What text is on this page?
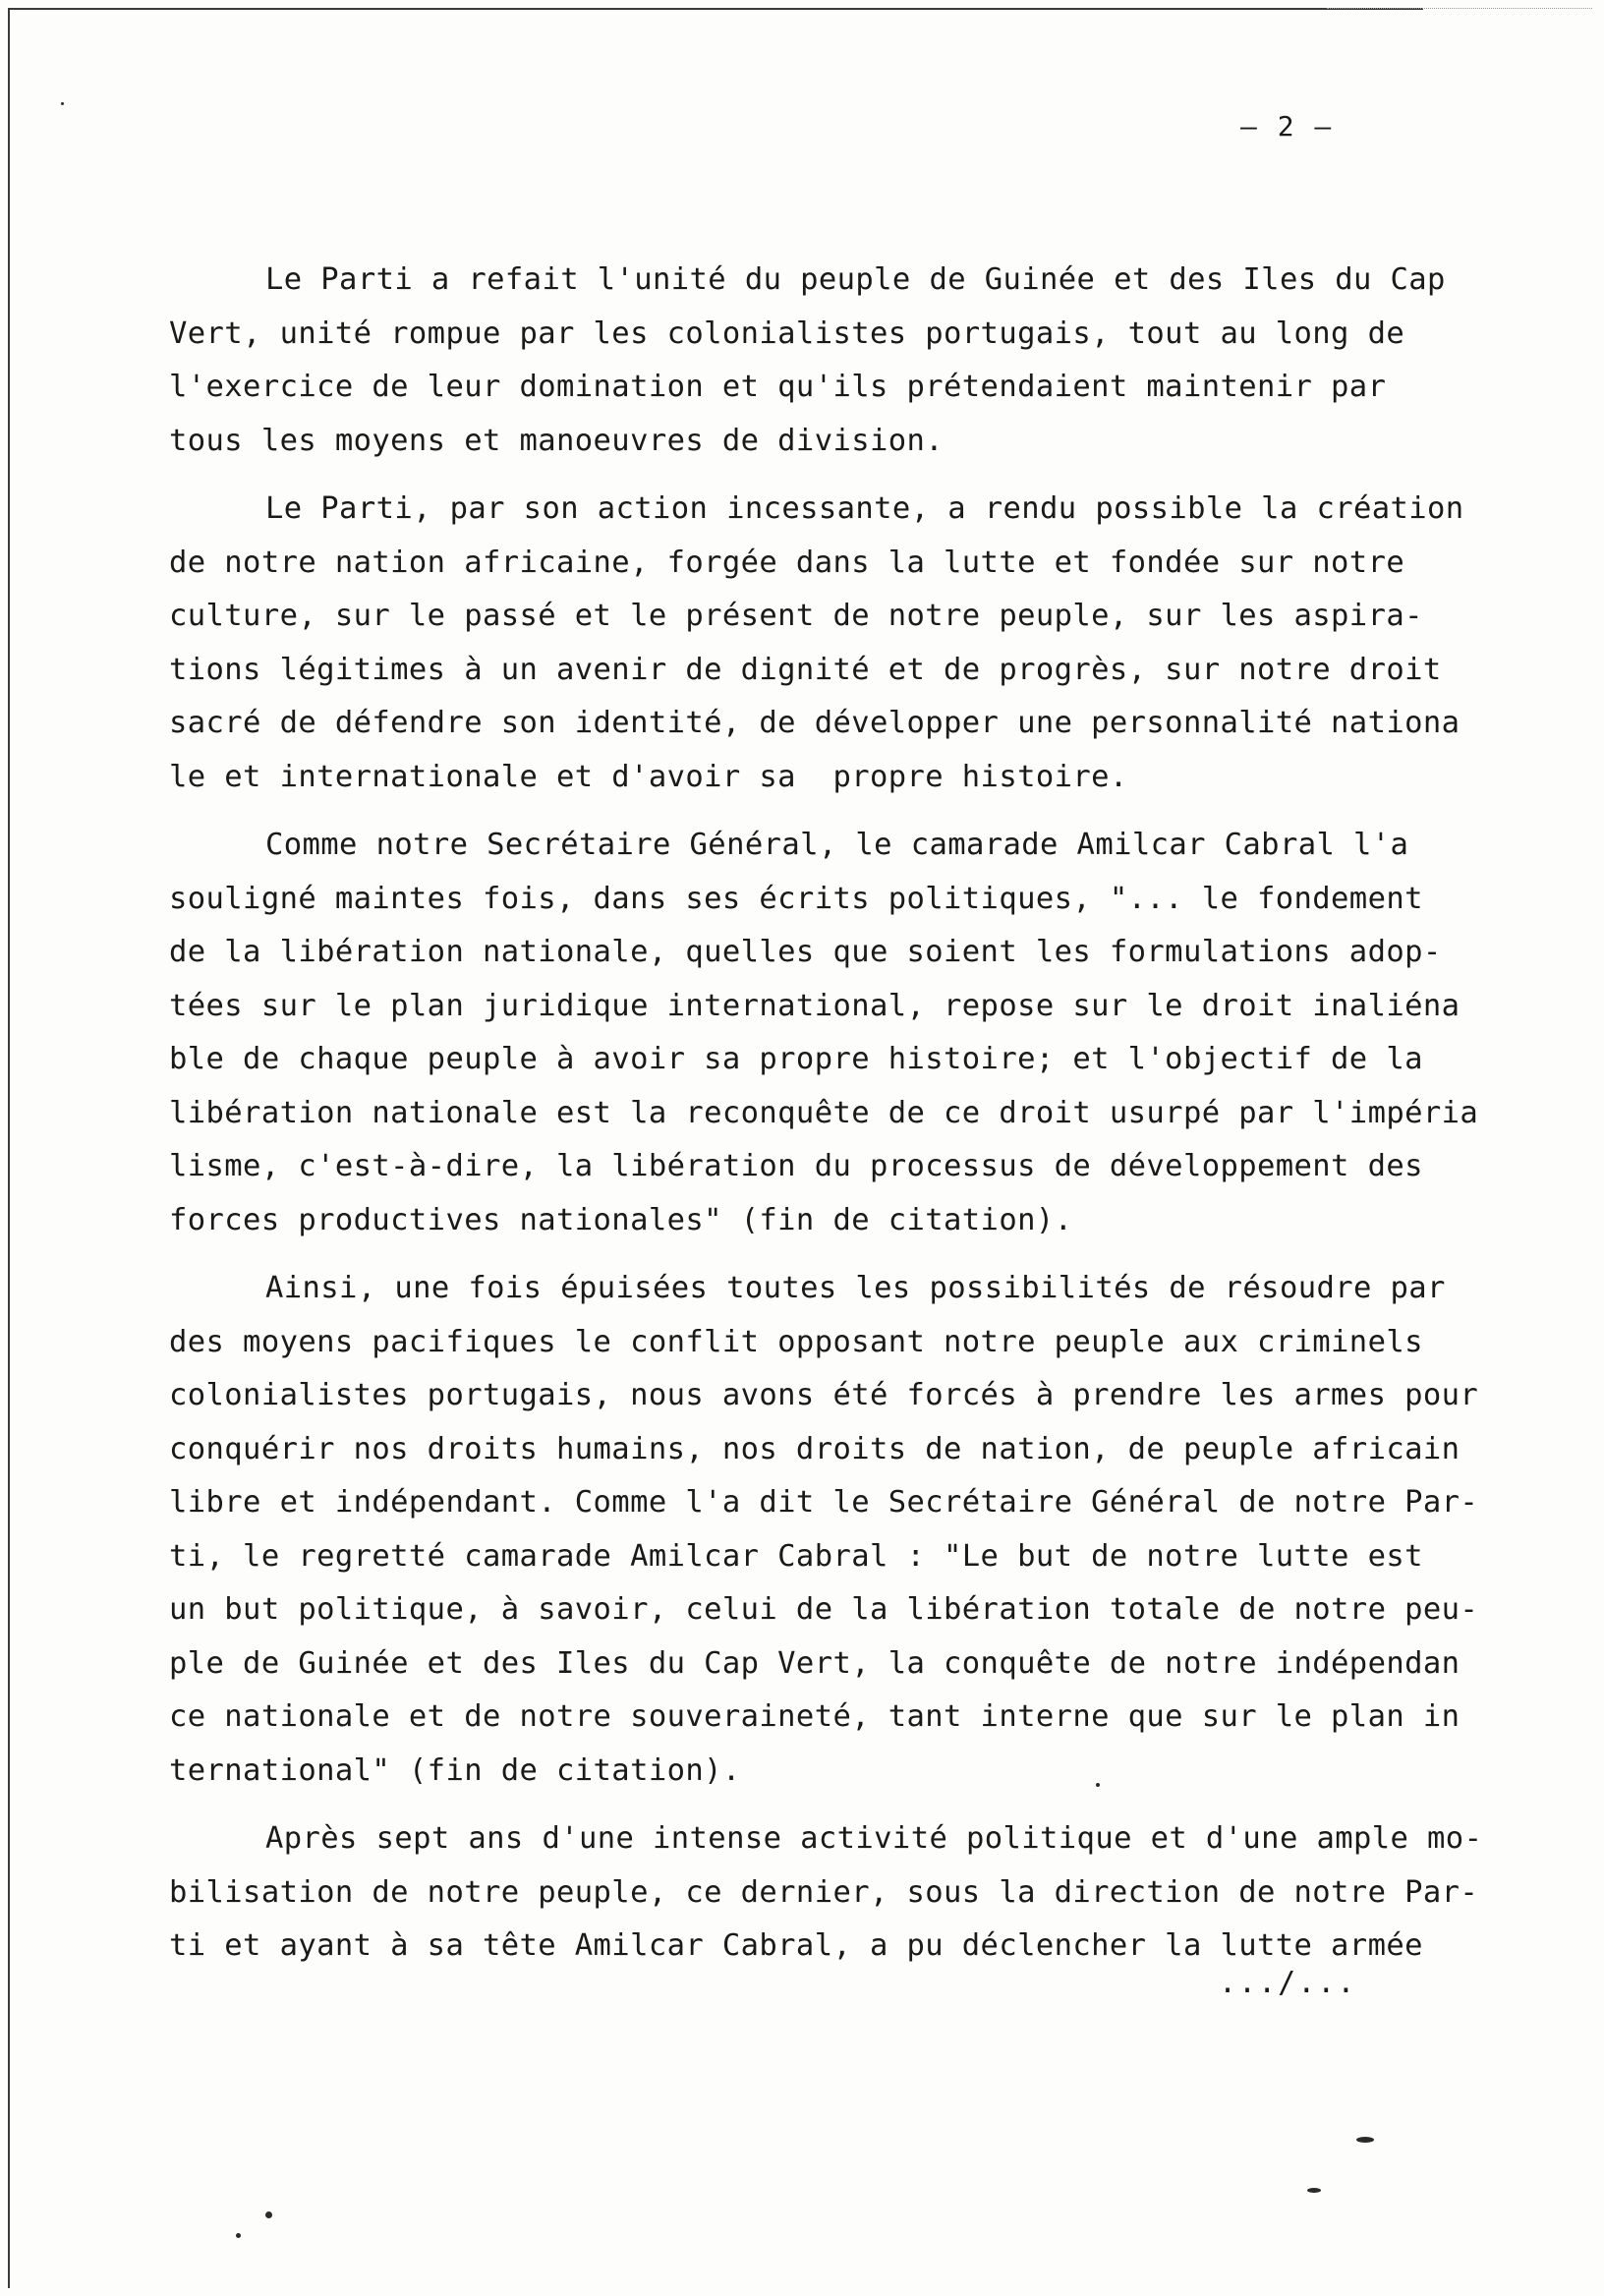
– 2 –
Le Parti a refait l'unité du peuple de Guinée et des Iles du Cap
Vert, unité rompue par les colonialistes portugais, tout au long de
l'exercice de leur domination et qu'ils prétendaient maintenir par
tous les moyens et manoeuvres de division.
Le Parti, par son action incessante, a rendu possible la création
de notre nation africaine, forgée dans la lutte et fondée sur notre
culture, sur le passé et le présent de notre peuple, sur les aspira-
tions légitimes à un avenir de dignité et de progrès, sur notre droit
sacré de défendre son identité, de développer une personnalité nationa
le et internationale et d'avoir sa  propre histoire.
Comme notre Secrétaire Général, le camarade Amilcar Cabral l'a
souligné maintes fois, dans ses écrits politiques, "... le fondement
de la libération nationale, quelles que soient les formulations adop-
tées sur le plan juridique international, repose sur le droit inaliéna
ble de chaque peuple à avoir sa propre histoire; et l'objectif de la
libération nationale est la reconquête de ce droit usurpé par l'impéria
lisme, c'est-à-dire, la libération du processus de développement des
forces productives nationales" (fin de citation).
Ainsi, une fois épuisées toutes les possibilités de résoudre par
des moyens pacifiques le conflit opposant notre peuple aux criminels
colonialistes portugais, nous avons été forcés à prendre les armes pour
conquérir nos droits humains, nos droits de nation, de peuple africain
libre et indépendant. Comme l'a dit le Secrétaire Général de notre Par-
ti, le regretté camarade Amilcar Cabral : "Le but de notre lutte est
un but politique, à savoir, celui de la libération totale de notre peu-
ple de Guinée et des Iles du Cap Vert, la conquête de notre indépendan
ce nationale et de notre souveraineté, tant interne que sur le plan in
ternational" (fin de citation).
Après sept ans d'une intense activité politique et d'une ample mo-
bilisation de notre peuple, ce dernier, sous la direction de notre Par-
ti et ayant à sa tête Amilcar Cabral, a pu déclencher la lutte armée
.../...
